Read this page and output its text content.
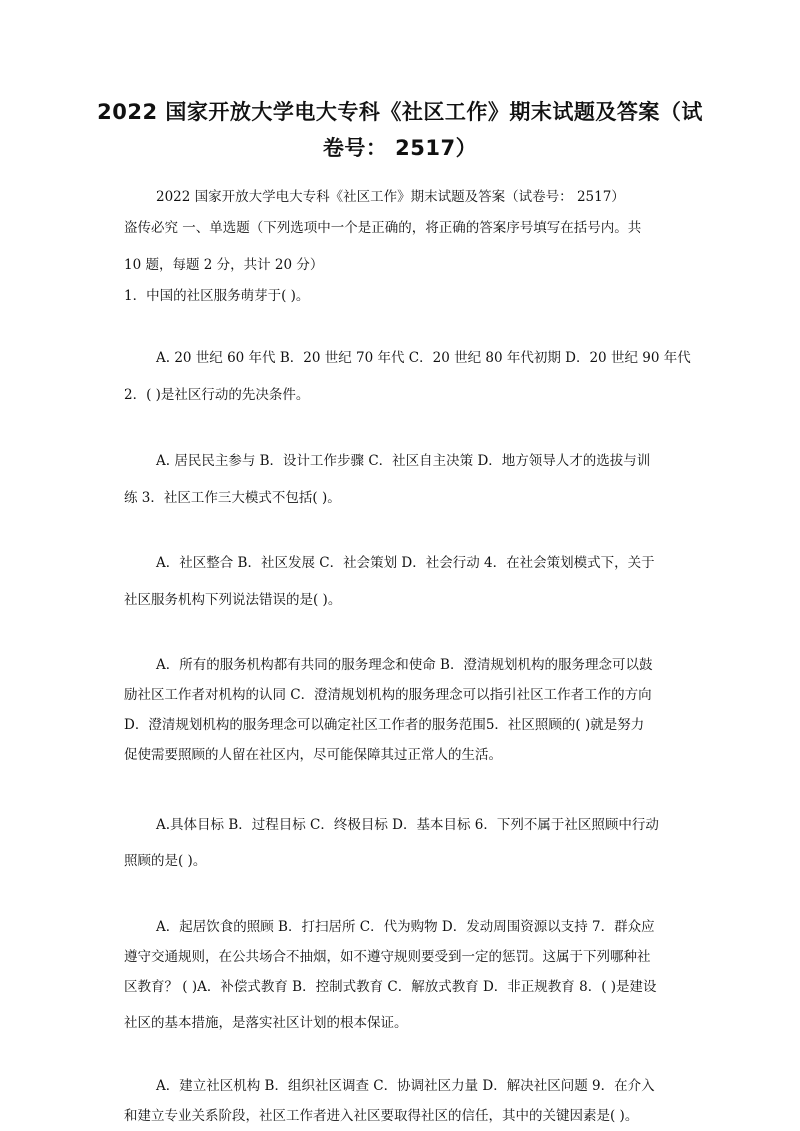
2022 国家开放大学电大专科《社区工作》期末试题及答案（试
卷号： 2517）
2022 国家开放大学电大专科《社区工作》期末试题及答案（试卷号： 2517）
盗传必究 一、单选题（下列选项中一个是正确的，将正确的答案序号填写在括号内。共
10 题，每题 2 分，共计 20 分）
1．中国的社区服务萌芽于( )。
A. 20 世纪 60 年代 B．20 世纪 70 年代 C．20 世纪 80 年代初期 D．20 世纪 90 年代
2．( )是社区行动的先决条件。
A. 居民民主参与 B．设计工作步骤 C．社区自主决策 D．地方领导人才的选拔与训
练 3．社区工作三大模式不包括( )。
A．社区整合 B．社区发展 C．社会策划 D．社会行动 4．在社会策划模式下，关于
社区服务机构下列说法错误的是( )。
A．所有的服务机构都有共同的服务理念和使命 B．澄清规划机构的服务理念可以鼓
励社区工作者对机构的认同 C．澄清规划机构的服务理念可以指引社区工作者工作的方向
D．澄清规划机构的服务理念可以确定社区工作者的服务范围5．社区照顾的( )就是努力
促使需要照顾的人留在社区内，尽可能保障其过正常人的生活。
A.具体目标 B．过程目标 C．终极目标 D．基本目标 6．下列不属于社区照顾中行动
照顾的是( )。
A．起居饮食的照顾 B．打扫居所 C．代为购物 D．发动周围资源以支持 7．群众应
遵守交通规则，在公共场合不抽烟，如不遵守规则要受到一定的惩罚。这属于下列哪种社
区教育？ ( )A．补偿式教育 B．控制式教育 C．解放式教育 D．非正规教育 8．( )是建设
社区的基本措施，是落实社区计划的根本保证。
A．建立社区机构 B．组织社区调查 C．协调社区力量 D．解决社区问题 9．在介入
和建立专业关系阶段，社区工作者进入社区要取得社区的信任，其中的关键因素是( )。
